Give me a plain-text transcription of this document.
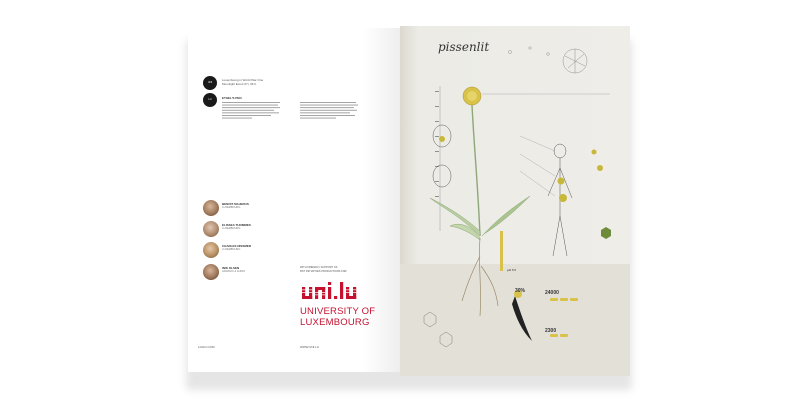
UNI
LU
Luxembourg in World War One
Moonlight Event 07 | 06 ft
ETHEL'S PEN
BENOIT MAJERUS
LUXEMBOURG
ELISSEA THOMMES
LUXEMBOURG
CHARLES NISSMER
LUXEMBOURG
INIK OLSEN
GRAPHIC & AUDIO
WITH FRIENDLY SUPPORT OF
RST INITIATIVES PRODUCTIONS FNR
UNIVERSITY OF
LUXEMBOURG
LOGO.COM	WWW.UNI.LU
pissenlit
24000
2300
30%
pH 5.5
